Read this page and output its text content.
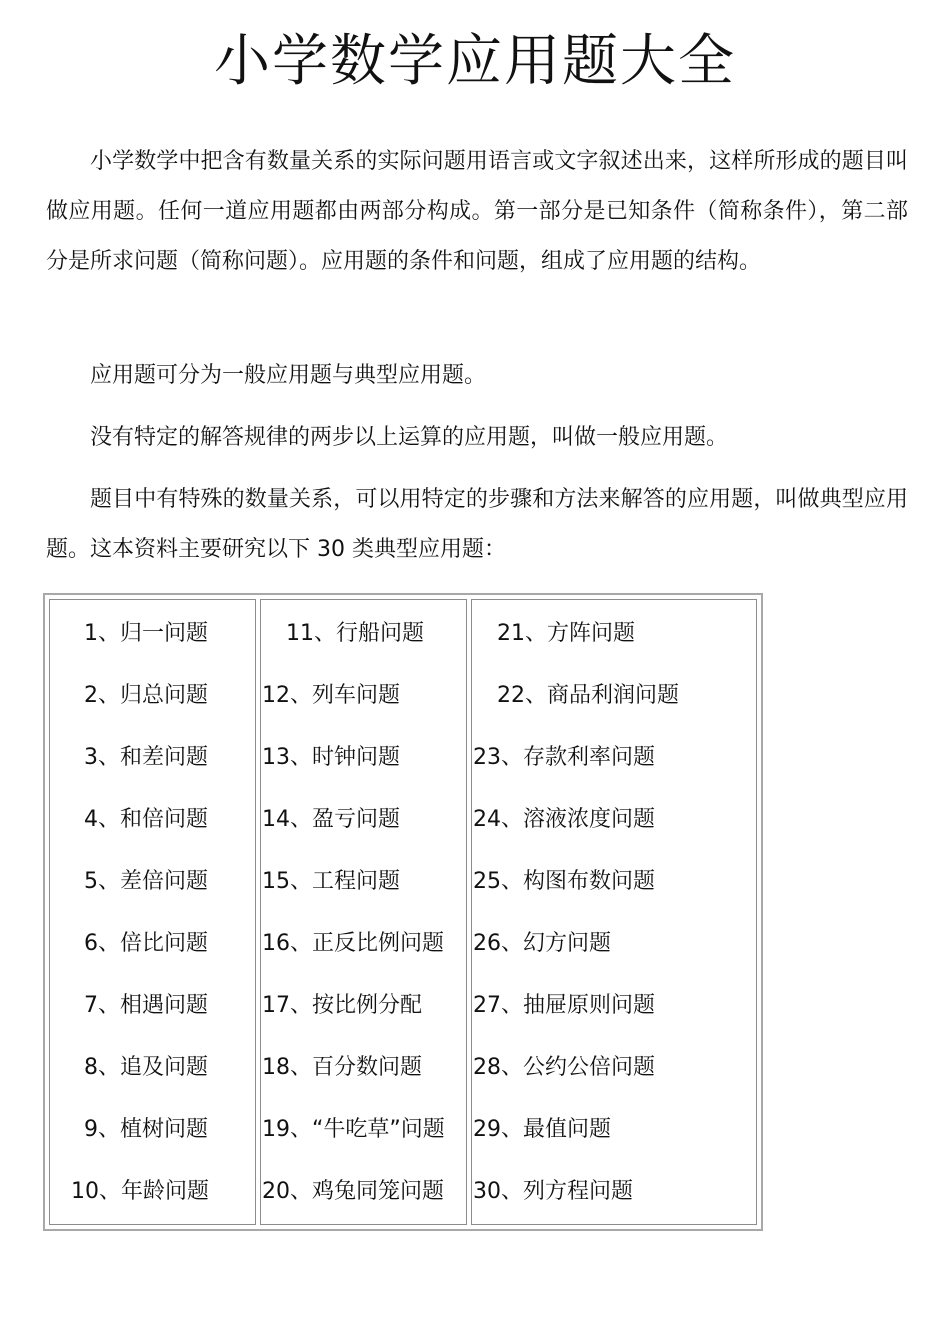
小学数学应用题大全

小学数学中把含有数量关系的实际问题用语言或文字叙述出来，这样所形成的题目叫做应用题。任何一道应用题都由两部分构成。第一部分是已知条件（简称条件），第二部分是所求问题（简称问题）。应用题的条件和问题，组成了应用题的结构。

应用题可分为一般应用题与典型应用题。

没有特定的解答规律的两步以上运算的应用题，叫做一般应用题。

题目中有特殊的数量关系，可以用特定的步骤和方法来解答的应用题，叫做典型应用题。这本资料主要研究以下 30 类典型应用题：

1、归一问题
2、归总问题
3、和差问题
4、和倍问题
5、差倍问题
6、倍比问题
7、相遇问题
8、追及问题
9、植树问题
10、年龄问题
11、行船问题
12、列车问题
13、时钟问题
14、盈亏问题
15、工程问题
16、正反比例问题
17、按比例分配
18、百分数问题
19、“牛吃草”问题
20、鸡兔同笼问题
21、方阵问题
22、商品利润问题
23、存款利率问题
24、溶液浓度问题
25、构图布数问题
26、幻方问题
27、抽屉原则问题
28、公约公倍问题
29、最值问题
30、列方程问题
